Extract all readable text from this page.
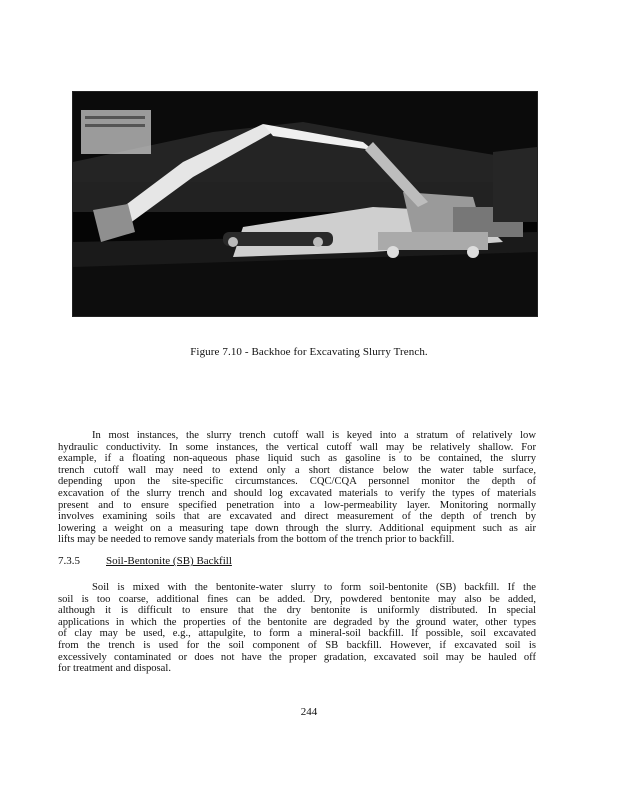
Figure 7.10 - Backhoe for Excavating Slurry Trench.
In most instances, the slurry trench cutoff wall is keyed into a stratum of relatively low
hydraulic conductivity. In some instances, the vertical cutoff wall may be relatively shallow. For
example, if a floating non-aqueous phase liquid such as gasoline is to be contained, the slurry
trench cutoff wall may need to extend only a short distance below the water table surface,
depending upon the site-specific circumstances. CQC/CQA personnel monitor the depth of
excavation of the slurry trench and should log excavated materials to verify the types of materials
present and to ensure specified penetration into a low-permeability layer. Monitoring normally
involves examining soils that are excavated and direct measurement of the depth of trench by
lowering a weight on a measuring tape down through the slurry. Additional equipment such as air
lifts may be needed to remove sandy materials from the bottom of the trench prior to backfill.
7.3.5 Soil-Bentonite (SB) Backfill
Soil is mixed with the bentonite-water slurry to form soil-bentonite (SB) backfill. If the
soil is too coarse, additional fines can be added. Dry, powdered bentonite may also be added,
although it is difficult to ensure that the dry bentonite is uniformly distributed. In special
applications in which the properties of the bentonite are degraded by the ground water, other types
of clay may be used, e.g., attapulgite, to form a mineral-soil backfill. If possible, soil excavated
from the trench is used for the soil component of SB backfill. However, if excavated soil is
excessively contaminated or does not have the proper gradation, excavated soil may be hauled off
for treatment and disposal.
244
